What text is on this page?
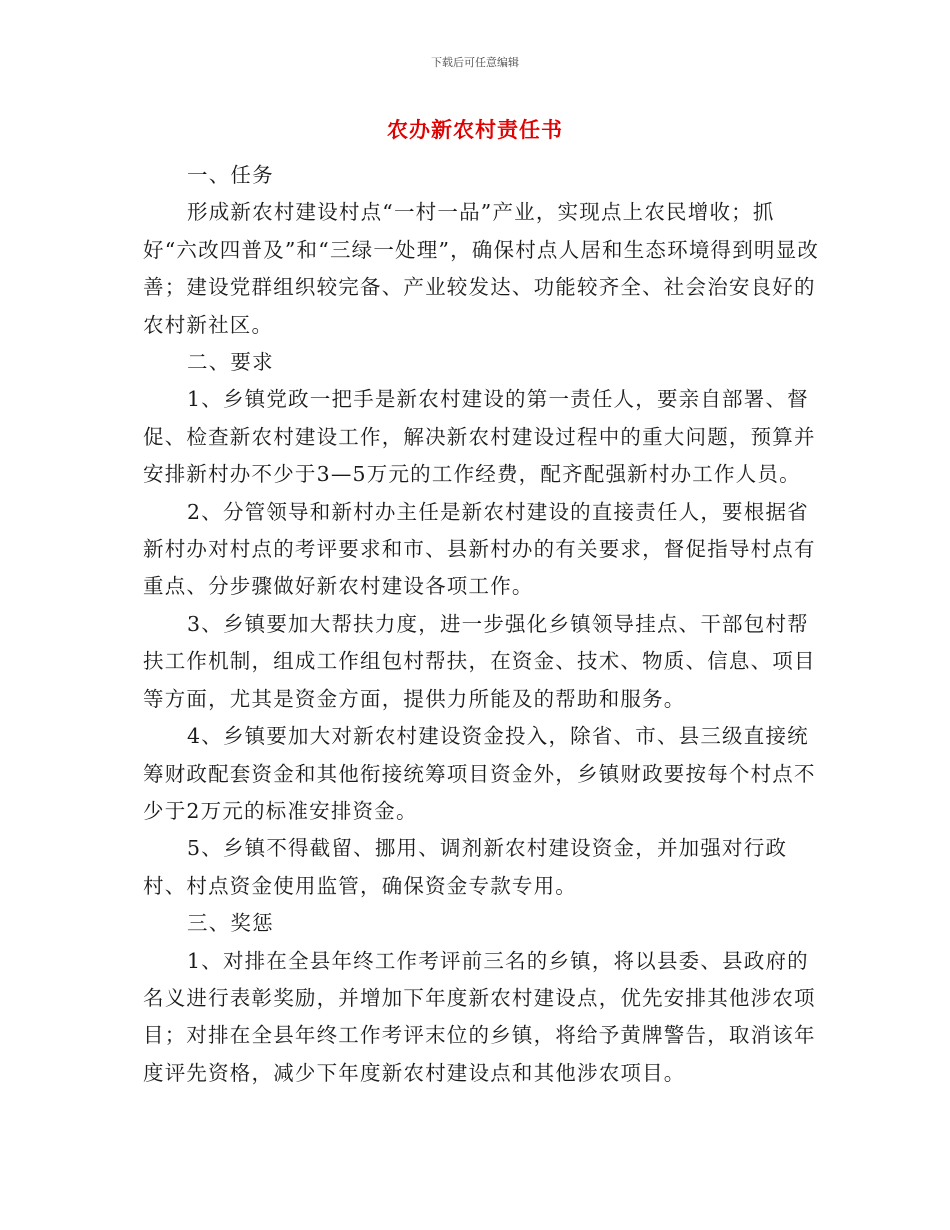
下载后可任意编辑
农办新农村责任书

一、任务

形成新农村建设村点“一村一品”产业，实现点上农民增收；抓好“六改四普及”和“三绿一处理”，确保村点人居和生态环境得到明显改善；建设党群组织较完备、产业较发达、功能较齐全、社会治安良好的农村新社区。

二、要求

1、乡镇党政一把手是新农村建设的第一责任人，要亲自部署、督促、检查新农村建设工作，解决新农村建设过程中的重大问题，预算并安排新村办不少于3—5万元的工作经费，配齐配强新村办工作人员。

2、分管领导和新村办主任是新农村建设的直接责任人，要根据省新村办对村点的考评要求和市、县新村办的有关要求，督促指导村点有重点、分步骤做好新农村建设各项工作。

3、乡镇要加大帮扶力度，进一步强化乡镇领导挂点、干部包村帮扶工作机制，组成工作组包村帮扶，在资金、技术、物质、信息、项目等方面，尤其是资金方面，提供力所能及的帮助和服务。

4、乡镇要加大对新农村建设资金投入，除省、市、县三级直接统筹财政配套资金和其他衔接统筹项目资金外，乡镇财政要按每个村点不少于2万元的标准安排资金。

5、乡镇不得截留、挪用、调剂新农村建设资金，并加强对行政村、村点资金使用监管，确保资金专款专用。

三、奖惩

1、对排在全县年终工作考评前三名的乡镇，将以县委、县政府的名义进行表彰奖励，并增加下年度新农村建设点，优先安排其他涉农项目；对排在全县年终工作考评末位的乡镇，将给予黄牌警告，取消该年度评先资格，减少下年度新农村建设点和其他涉农项目。
